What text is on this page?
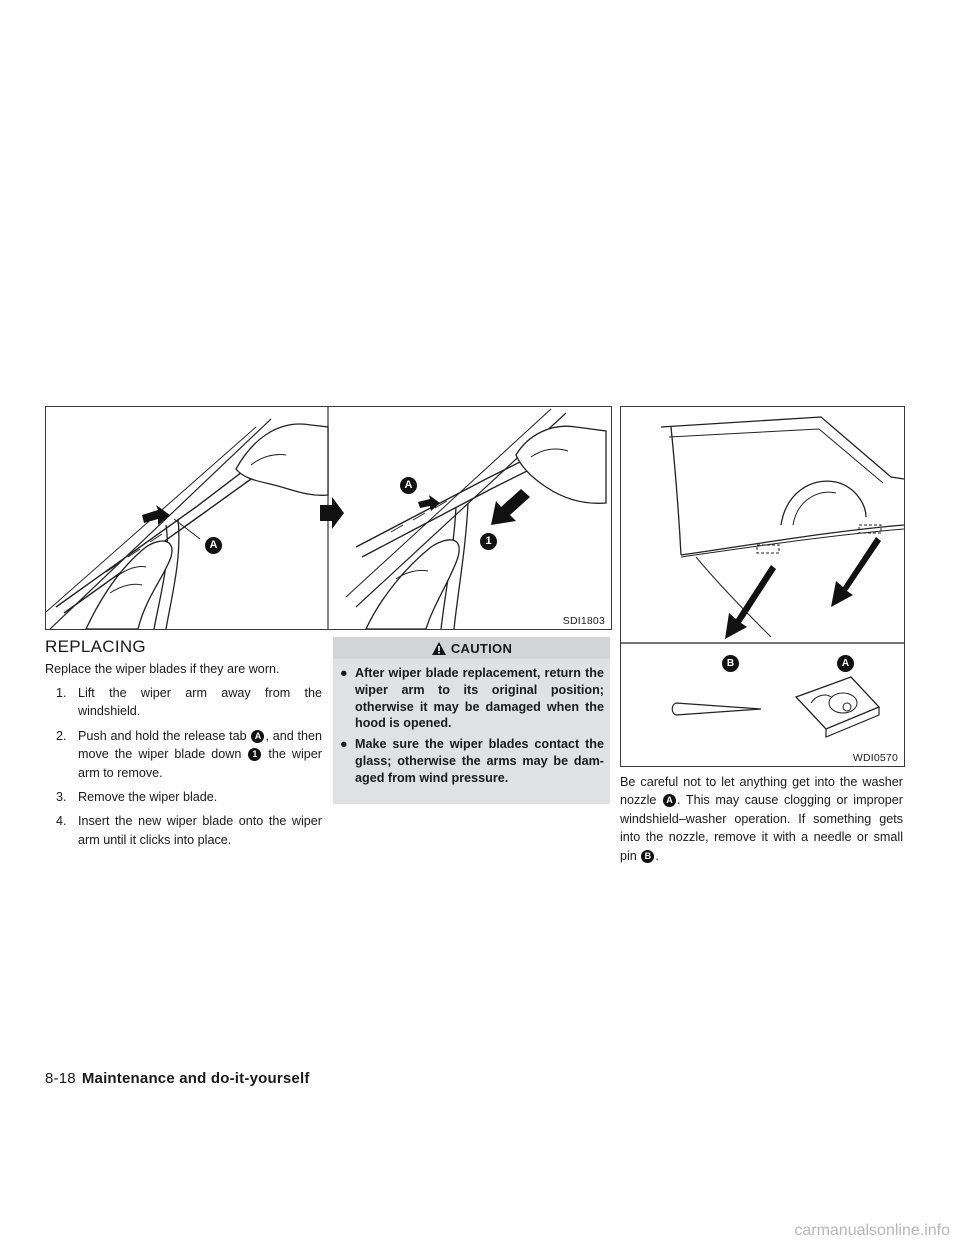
A
A
1
SDI1803
B	A
WDI0570
REPLACING

Replace the wiper blades if they are worn.

1. Lift the wiper arm away from the windshield.
2. Push and hold the release tab A , and then move the wiper blade down 1 the wiper arm to remove.
3. Remove the wiper blade.
4. Insert the new wiper blade onto the wiper arm until it clicks into place.
CAUTION
● After wiper blade replacement, return the wiper arm to its original position; otherwise it may be damaged when the hood is opened.
● Make sure the wiper blades contact the glass; otherwise the arms may be dam- aged from wind pressure.	Be careful not to let anything get into the washer nozzle A . This may cause clogging or improper windshield–washer operation. If something gets into the nozzle, remove it with a needle or small pin B .

8-18 Maintenance and do-it-yourself
carmanualsonline.info
